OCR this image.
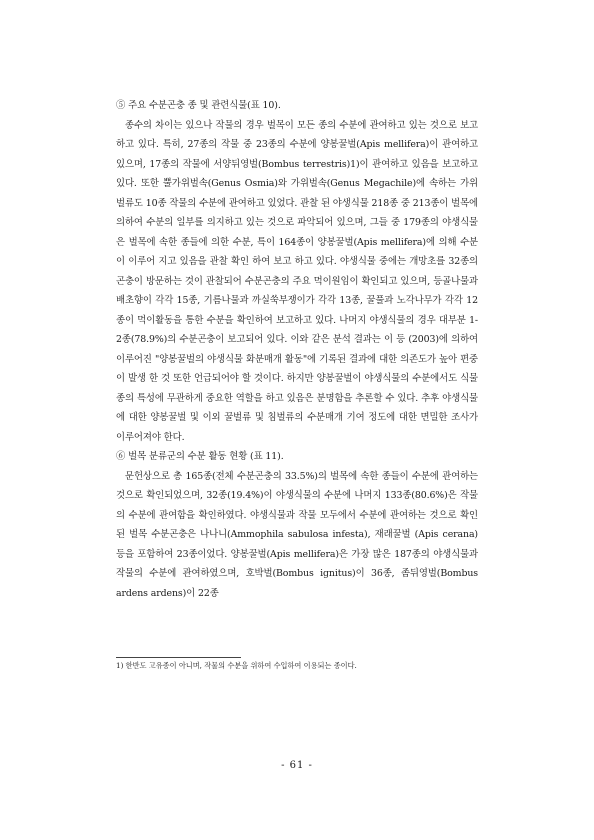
⑤ 주요 수분곤충 종 및 관련식물(표 10).

종수의 차이는 있으나 작물의 경우 벌목이 모든 종의 수분에 관여하고 있는 것으로 보고하고 있다. 특히, 27종의 작물 중 23종의 수분에 양봉꿀벌(Apis mellifera)이 관여하고 있으며, 17종의 작물에 서양뒤영벌(Bombus terrestris)1)이 관여하고 있음을 보고하고 있다. 또한 뿔가위벌속(Genus Osmia)와 가위벌속(Genus Megachile)에 속하는 가위벌류도 10종 작물의 수분에 관여하고 있었다. 관찰 된 야생식물 218종 중 213종이 벌목에 의하여 수분의 일부를 의지하고 있는 것으로 파악되어 있으며, 그들 중 179종의 야생식물은 벌목에 속한 종들에 의한 수분, 특이 164종이 양봉꿀벌(Apis mellifera)에 의해 수분이 이루어 지고 있음을 관찰 확인 하여 보고 하고 있다. 야생식물 중에는 개망초를 32종의 곤충이 방문하는 것이 관찰되어 수분곤충의 주요 먹이원임이 확인되고 있으며, 등골나물과 배초향이 각각 15종, 기름나물과 까실쑥부쟁이가 각각 13종, 꿀풀과 노각나무가 각각 12종이 먹이활동을 통한 수분을 확인하여 보고하고 있다. 나머지 야생식물의 경우 대부분 1-2종(78.9%)의 수분곤충이 보고되어 있다. 이와 같은 분석 결과는 이 등 (2003)에 의하여 이루어진 "양봉꿀벌의 야생식물 화분매개 활동"에 기록된 결과에 대한 의존도가 높아 편중이 발생 한 것 또한 언급되어야 할 것이다. 하지만 양봉꿀벌이 야생식물의 수분에서도 식물종의 특성에 무관하게 중요한 역할을 하고 있음은 분명함을 추론할 수 있다. 추후 야생식물에 대한 양봉꿀벌 및 이외 꿀벌류 및 침벌류의 수분매개 기여 정도에 대한 면밀한 조사가 이루어져야 한다.

⑥ 벌목 분류군의 수분 활동 현황 (표 11).

문헌상으로 총 165종(전체 수분곤충의 33.5%)의 벌목에 속한 종들이 수분에 관여하는 것으로 확인되었으며, 32종(19.4%)이 야생식물의 수분에 나머지 133종(80.6%)은 작물의 수분에 관여함을 확인하였다. 야생식물과 작물 모두에서 수분에 관여하는 것으로 확인된 벌목 수분곤충은 나나니(Ammophila sabulosa infesta), 재래꿀벌 (Apis cerana) 등을 포함하여 23종이었다. 양봉꿀벌(Apis mellifera)은 가장 많은 187종의 야생식물과 작물의 수분에 관여하였으며, 호박벌(Bombus ignitus)이 36종, 좀뒤영벌(Bombus ardens ardens)이 22종

1) 한반도 고유종이 아니며, 작물의 수분을 위하여 수입하여 이용되는 종이다.
- 61 -
